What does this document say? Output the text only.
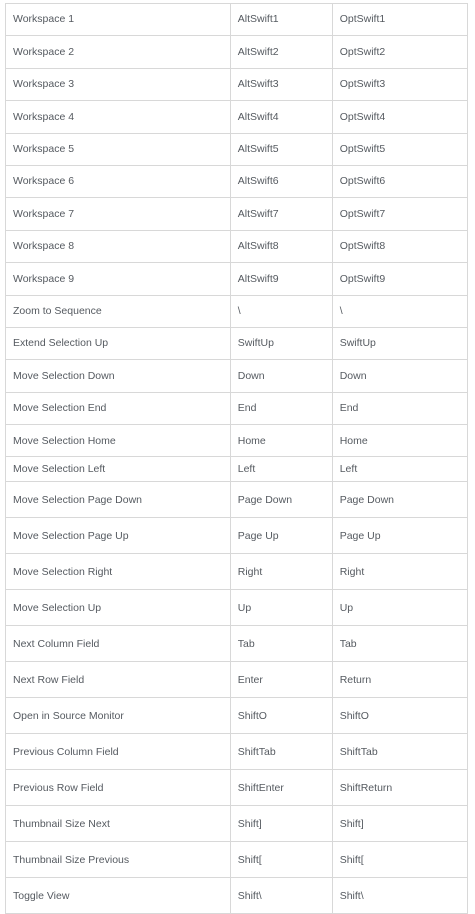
Workspace 1	AltSwift1	OptSwift1
Workspace 2	AltSwift2	OptSwift2
Workspace 3	AltSwift3	OptSwift3
Workspace 4	AltSwift4	OptSwift4
Workspace 5	AltSwift5	OptSwift5
Workspace 6	AltSwift6	OptSwift6
Workspace 7	AltSwift7	OptSwift7
Workspace 8	AltSwift8	OptSwift8
Workspace 9	AltSwift9	OptSwift9
Zoom to Sequence	\	\
Extend Selection Up	SwiftUp	SwiftUp
Move Selection Down	Down	Down
Move Selection End	End	End
Move Selection Home	Home	Home
Move Selection Left	Left	Left
Move Selection Page Down	Page Down	Page Down
Move Selection Page Up	Page Up	Page Up
Move Selection Right	Right	Right
Move Selection Up	Up	Up
Next Column Field	Tab	Tab
Next Row Field	Enter	Return
Open in Source Monitor	ShiftO	ShiftO
Previous Column Field	ShiftTab	ShiftTab
Previous Row Field	ShiftEnter	ShiftReturn
Thumbnail Size Next	Shift]	Shift]
Thumbnail Size Previous	Shift[	Shift[
Toggle View	Shift\	Shift\
